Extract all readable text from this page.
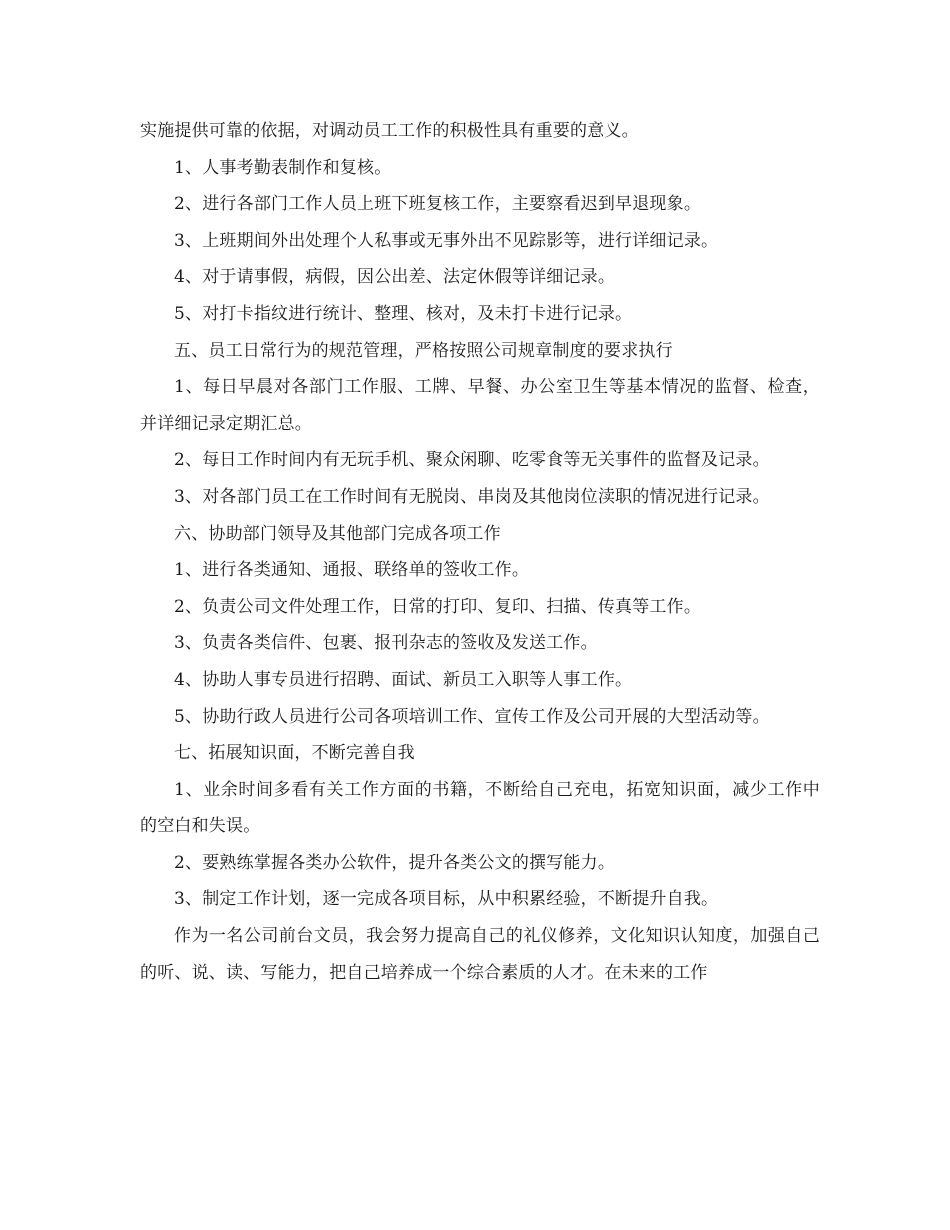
实施提供可靠的依据，对调动员工工作的积极性具有重要的意义。

1、人事考勤表制作和复核。

2、进行各部门工作人员上班下班复核工作，主要察看迟到早退现象。

3、上班期间外出处理个人私事或无事外出不见踪影等，进行详细记录。

4、对于请事假，病假，因公出差、法定休假等详细记录。

5、对打卡指纹进行统计、整理、核对，及未打卡进行记录。

五、员工日常行为的规范管理，严格按照公司规章制度的要求执行

1、每日早晨对各部门工作服、工牌、早餐、办公室卫生等基本情况的监督、检查，并详细记录定期汇总。

2、每日工作时间内有无玩手机、聚众闲聊、吃零食等无关事件的监督及记录。

3、对各部门员工在工作时间有无脱岗、串岗及其他岗位渎职的情况进行记录。

六、协助部门领导及其他部门完成各项工作

1、进行各类通知、通报、联络单的签收工作。

2、负责公司文件处理工作，日常的打印、复印、扫描、传真等工作。

3、负责各类信件、包裹、报刊杂志的签收及发送工作。

4、协助人事专员进行招聘、面试、新员工入职等人事工作。

5、协助行政人员进行公司各项培训工作、宣传工作及公司开展的大型活动等。

七、拓展知识面，不断完善自我

1、业余时间多看有关工作方面的书籍，不断给自己充电，拓宽知识面，减少工作中的空白和失误。

2、要熟练掌握各类办公软件，提升各类公文的撰写能力。

3、制定工作计划，逐一完成各项目标，从中积累经验，不断提升自我。

作为一名公司前台文员，我会努力提高自己的礼仪修养，文化知识认知度，加强自己的听、说、读、写能力，把自己培养成一个综合素质的人才。在未来的工作
